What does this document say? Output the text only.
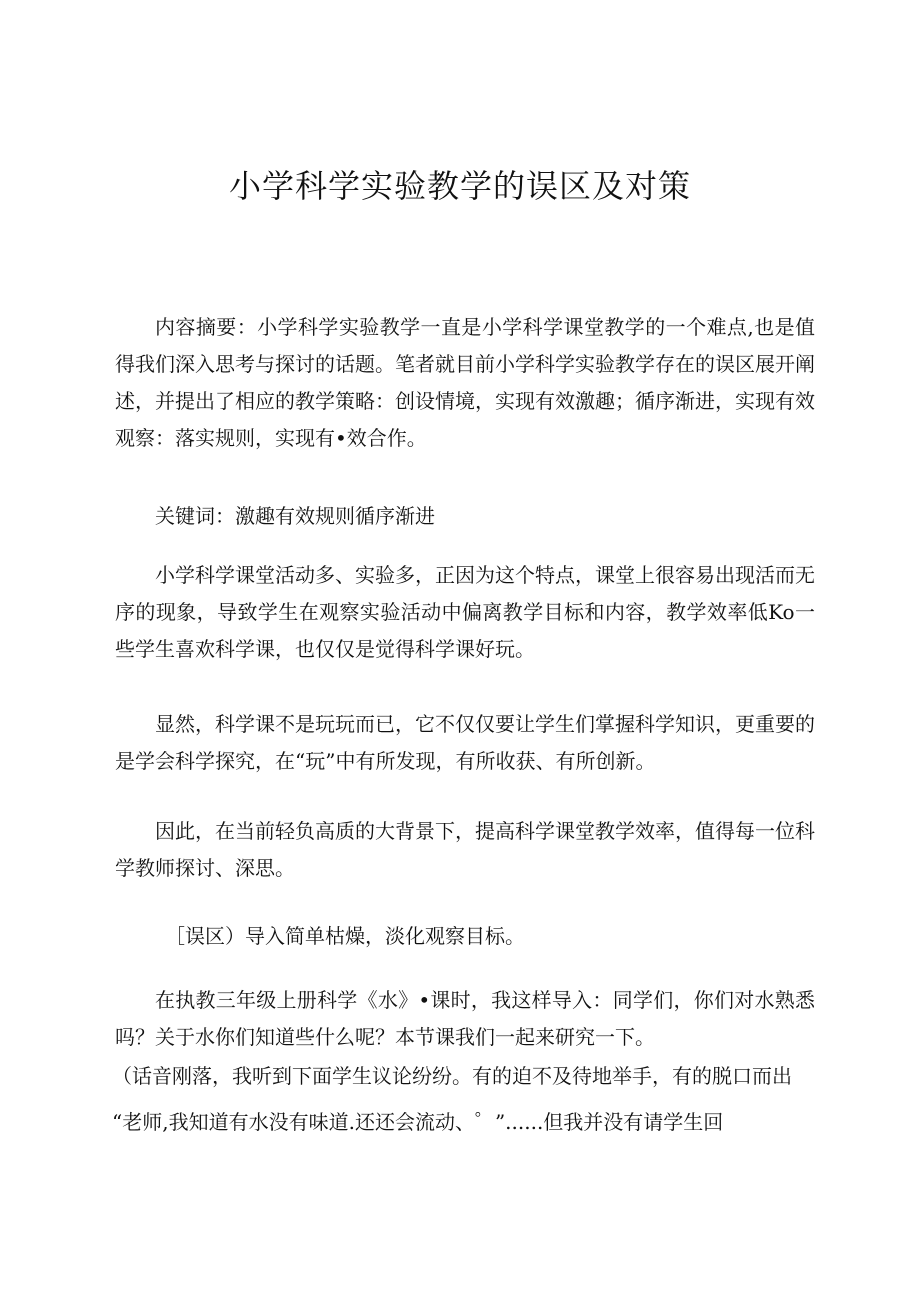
小学科学实验教学的误区及对策

内容摘要：小学科学实验教学一直是小学科学课堂教学的一个难点,也是值得我们深入思考与探讨的话题。笔者就目前小学科学实验教学存在的误区展开阐述，并提出了相应的教学策略：创设情境，实现有效激趣；循序渐进，实现有效观察：落实规则，实现有•效合作。

关键词：激趣有效规则循序渐进

小学科学课堂活动多、实验多，正因为这个特点，课堂上很容易出现活而无序的现象，导致学生在观察实验活动中偏离教学目标和内容，教学效率低Ko一些学生喜欢科学课，也仅仅是觉得科学课好玩。

显然，科学课不是玩玩而已，它不仅仅要让学生们掌握科学知识，更重要的是学会科学探究，在“玩”中有所发现，有所收获、有所创新。

因此，在当前轻负高质的大背景下，提高科学课堂教学效率，值得每一位科学教师探讨、深思。

［误区）导入简单枯燥，淡化观察目标。

在执教三年级上册科学《水》•课时，我这样导入：同学们，你们对水熟悉吗？关于水你们知道些什么呢？本节课我们一起来研究一下。

（话音刚落，我听到下面学生议论纷纷。有的迫不及待地举手，有的脱口而出

“老师,我知道有水没有味道.还还会流动、゜”......但我并没有请学生回
